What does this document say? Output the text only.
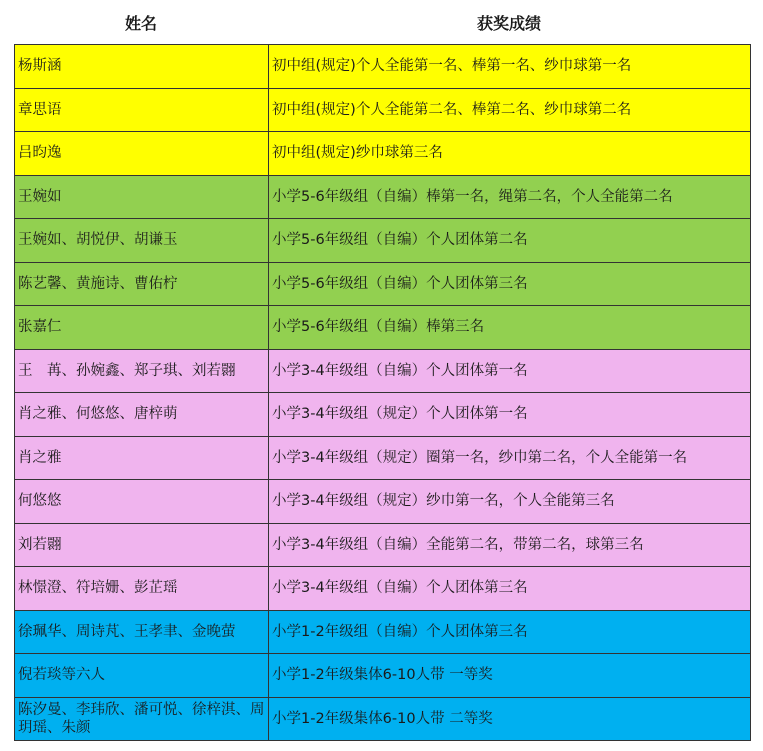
姓名	获奖成绩
杨斯涵	初中组(规定)个人全能第一名、棒第一名、纱巾球第一名
章思语	初中组(规定)个人全能第二名、棒第二名、纱巾球第二名
吕昀逸	初中组(规定)纱巾球第三名
王婉如	小学5-6年级组（自编）棒第一名，绳第二名，个人全能第二名
王婉如、胡悦伊、胡谦玉	小学5-6年级组（自编）个人团体第二名
陈艺馨、黄施诗、曹佑柠	小学5-6年级组（自编）个人团体第三名
张嘉仁	小学5-6年级组（自编）棒第三名
王　苒、孙婉鑫、郑子琪、刘若翾	小学3-4年级组（自编）个人团体第一名
肖之雅、何悠悠、唐梓萌	小学3-4年级组（规定）个人团体第一名
肖之雅	小学3-4年级组（规定）圈第一名，纱巾第二名，个人全能第一名
何悠悠	小学3-4年级组（规定）纱巾第一名，个人全能第三名
刘若翾	小学3-4年级组（自编）全能第二名，带第二名，球第三名
林憬澄、符培姗、彭芷瑶	小学3-4年级组（自编）个人团体第三名
徐珮华、周诗芃、王孝聿、金晚萤	小学1-2年级组（自编）个人团体第三名
倪若琰等六人	小学1-2年级集体6-10人带 一等奖
陈汐曼、李玮欣、潘可悦、徐梓淇、周玥瑶、朱颜	小学1-2年级集体6-10人带 二等奖
